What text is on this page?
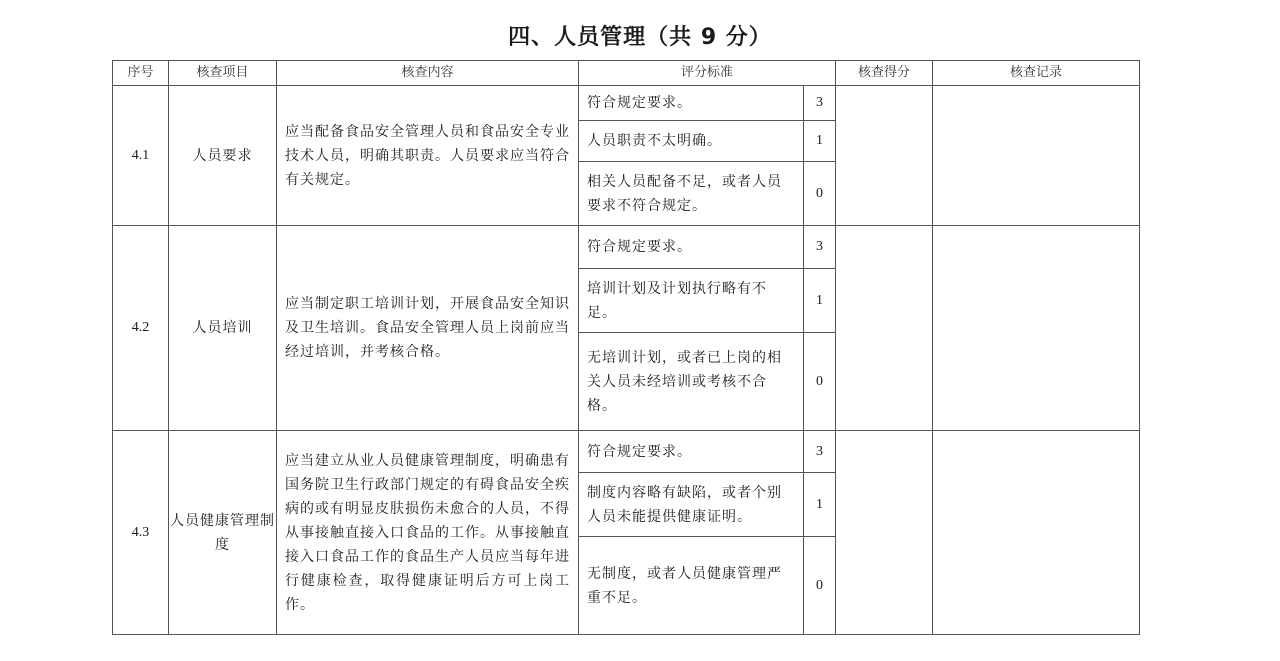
四、人员管理（共 9 分）
序号	核查项目	核查内容	评分标准		核查得分	核查记录
4.1	人员要求	应当配备食品安全管理人员和食品安全专业技术人员，明确其职责。人员要求应当符合有关规定。	符合规定要求。	3		
			人员职责不太明确。	1		
			相关人员配备不足，或者人员要求不符合规定。	0		
4.2	人员培训	应当制定职工培训计划，开展食品安全知识及卫生培训。食品安全管理人员上岗前应当经过培训，并考核合格。	符合规定要求。	3		
			培训计划及计划执行略有不足。	1		
			无培训计划，或者已上岗的相关人员未经培训或考核不合格。	0		
4.3	人员健康管理制度	应当建立从业人员健康管理制度，明确患有国务院卫生行政部门规定的有碍食品安全疾病的或有明显皮肤损伤未愈合的人员，不得从事接触直接入口食品的工作。从事接触直接入口食品工作的食品生产人员应当每年进行健康检查，取得健康证明后方可上岗工作。	符合规定要求。	3		
			制度内容略有缺陷，或者个别人员未能提供健康证明。	1		
			无制度，或者人员健康管理严重不足。	0		
